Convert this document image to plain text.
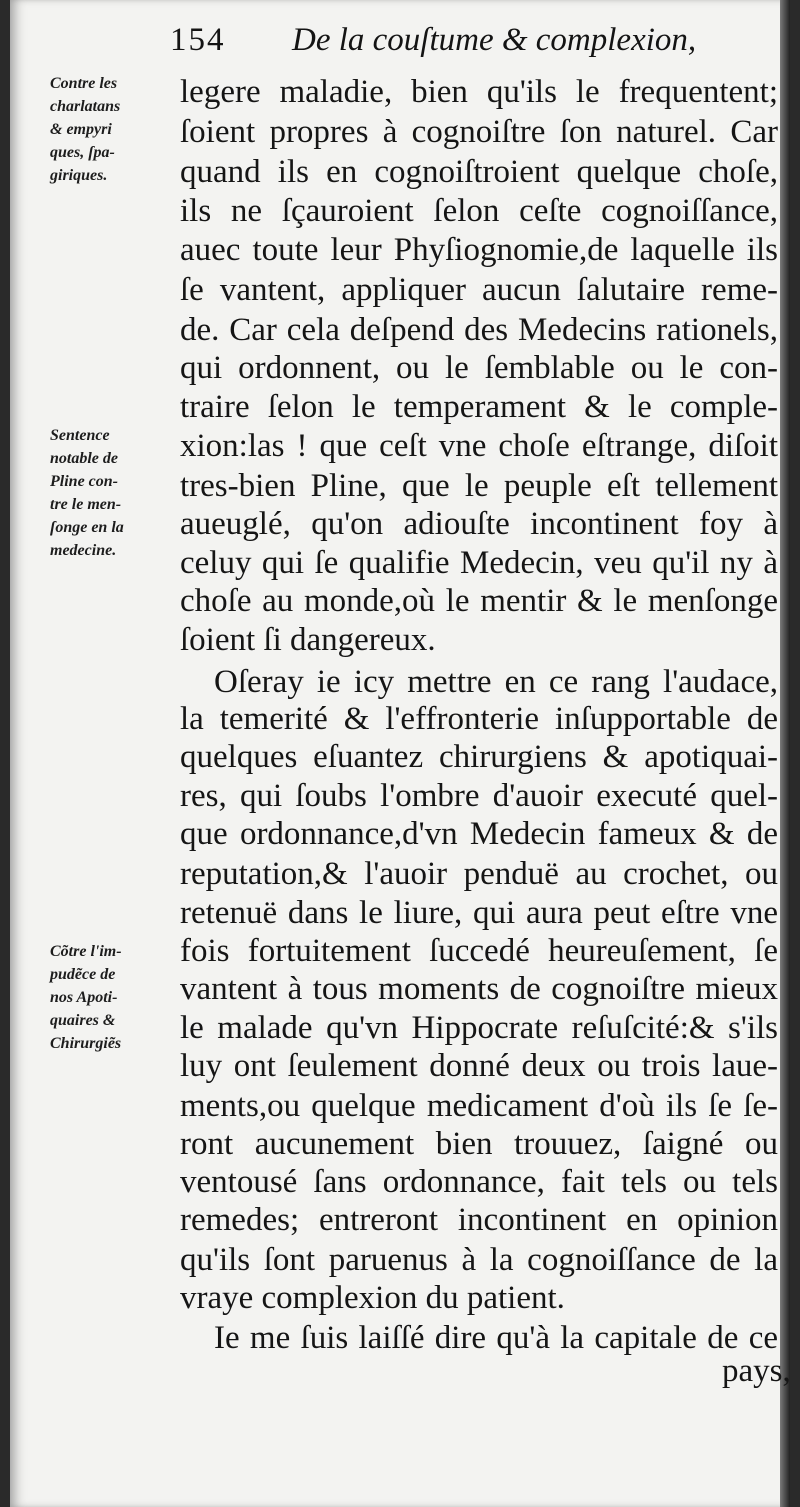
154 De la couſtume & complexion,
Contre les
charlatans
& empyri
ques, ſpa-
giriques.
Sentence
notable de
Pline con-
tre le men-
ſonge en la
medecine.
Cõtre l'im-
pudẽce de
nos Apoti-
quaires &
Chirurgiẽs
legere maladie, bien qu'ils le frequentent;
ſoient propres à cognoiſtre ſon naturel. Car
quand ils en cognoiſtroient quelque choſe,
ils ne ſçauroient ſelon ceſte cognoiſſance,
auec toute leur Phyſiognomie,de laquelle ils
ſe vantent, appliquer aucun ſalutaire reme-
de. Car cela deſpend des Medecins rationels,
qui ordonnent, ou le ſemblable ou le con-
traire ſelon le temperament & le comple-
xion:las ! que ceſt vne choſe eſtrange, diſoit
tres-bien Pline, que le peuple eſt tellement
aueuglé, qu'on adiouſte incontinent foy à
celuy qui ſe qualifie Medecin, veu qu'il ny à
choſe au monde,où le mentir & le menſonge
ſoient ſi dangereux.
Oſeray ie icy mettre en ce rang l'audace,
la temerité & l'effronterie inſupportable de
quelques eſuantez chirurgiens & apotiquai-
res, qui ſoubs l'ombre d'auoir executé quel-
que ordonnance,d'vn Medecin fameux & de
reputation,& l'auoir penduë au crochet, ou
retenuë dans le liure, qui aura peut eſtre vne
fois fortuitement ſuccedé heureuſement, ſe
vantent à tous moments de cognoiſtre mieux
le malade qu'vn Hippocrate reſuſcité:& s'ils
luy ont ſeulement donné deux ou trois laue-
ments,ou quelque medicament d'où ils ſe ſe-
ront aucunement bien trouuez, ſaigné ou
ventousé ſans ordonnance, fait tels ou tels
remedes; entreront incontinent en opinion
qu'ils ſont paruenus à la cognoiſſance de la
vraye complexion du patient.
Ie me ſuis laiſſé dire qu'à la capitale de ce
pays,
